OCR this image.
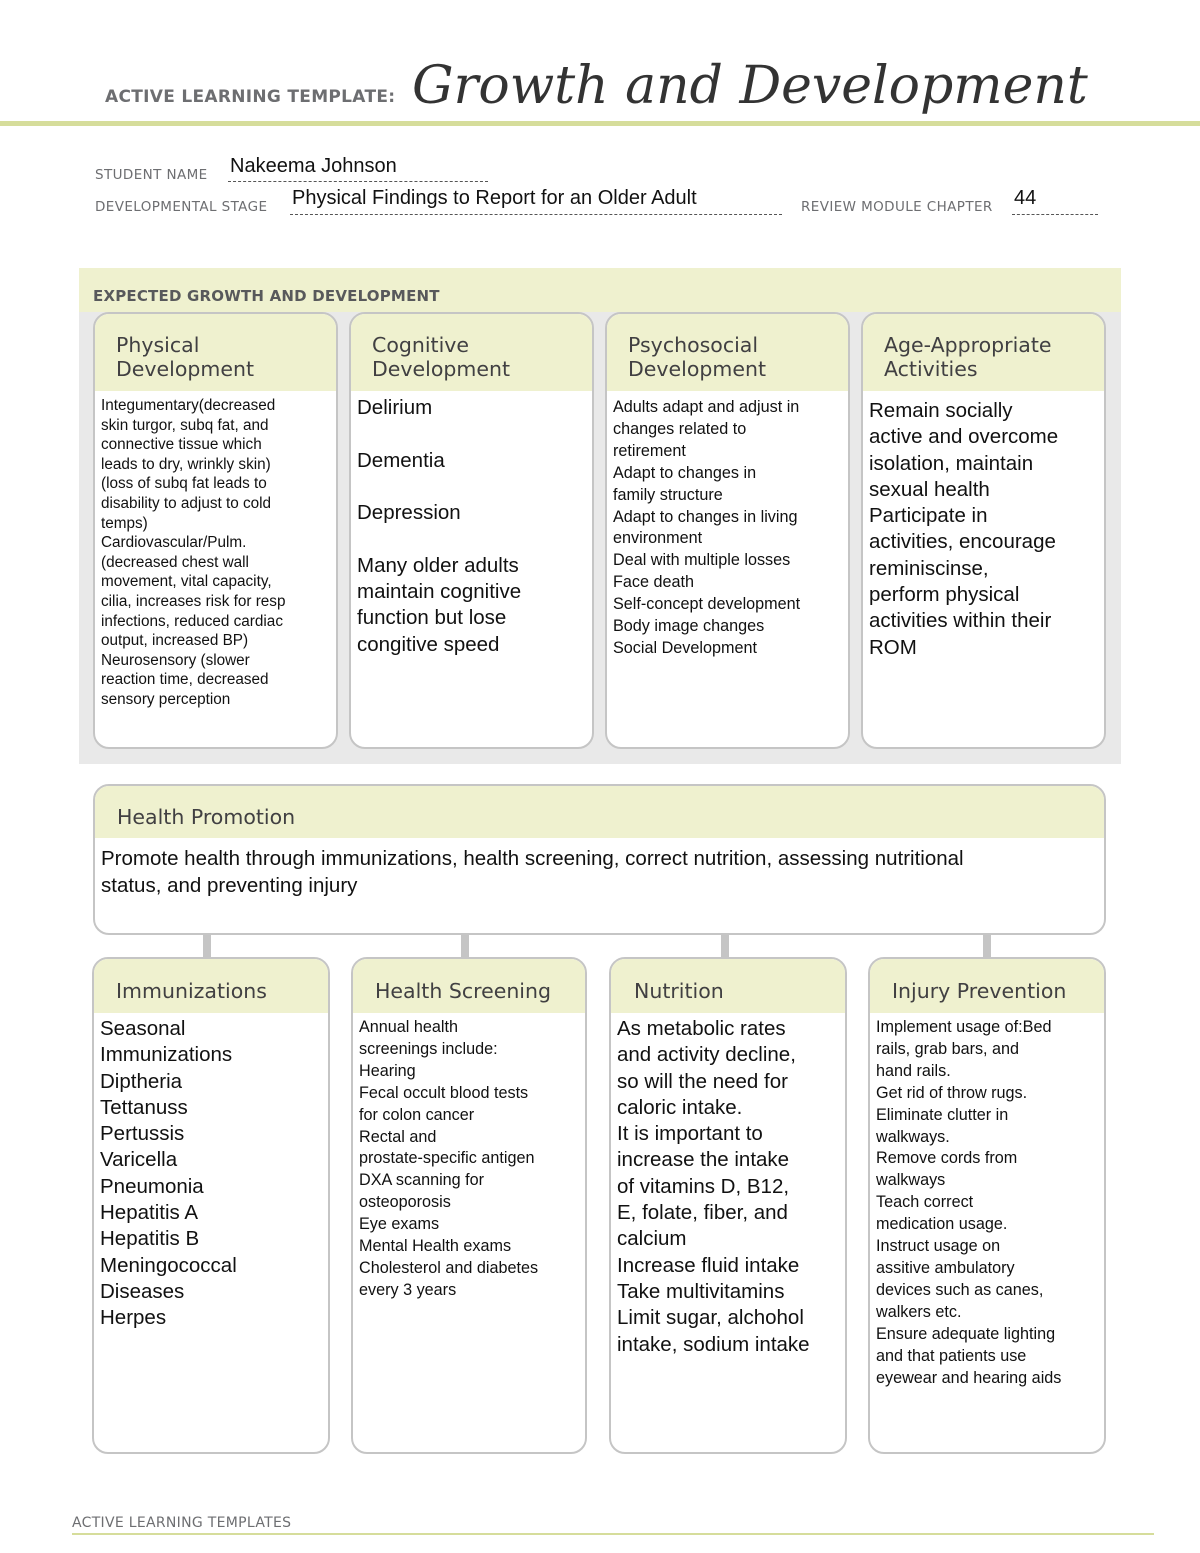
ACTIVE LEARNING TEMPLATE: Growth and Development
STUDENT NAME Nakeema Johnson
DEVELOPMENTAL STAGE Physical Findings to Report for an Older Adult	REVIEW MODULE CHAPTER 44
EXPECTED GROWTH AND DEVELOPMENT
Physical
Development
Integumentary(decreased
skin turgor, subq fat, and
connective tissue which
leads to dry, wrinkly skin)
(loss of subq fat leads to
disability to adjust to cold
temps)
Cardiovascular/Pulm.
(decreased chest wall
movement, vital capacity,
cilia, increases risk for resp
infections, reduced cardiac
output, increased BP)
Neurosensory (slower
reaction time, decreased
sensory perception
Cognitive
Development
Delirium

Dementia

Depression

Many older adults
maintain cognitive
function but lose
congitive speed
Psychosocial
Development
Adults adapt and adjust in
changes related to
retirement
Adapt to changes in
family structure
Adapt to changes in living
environment
Deal with multiple losses
Face death
Self-concept development
Body image changes
Social Development
Age-Appropriate
Activities
Remain socially
active and overcome
isolation, maintain
sexual health
Participate in
activities, encourage
reminiscinse,
perform physical
activities within their
ROM
Health Promotion
Promote health through immunizations, health screening, correct nutrition, assessing nutritional
status, and preventing injury
Immunizations
Seasonal
Immunizations
Diptheria
Tettanuss
Pertussis
Varicella
Pneumonia
Hepatitis A
Hepatitis B
Meningococcal
Diseases
Herpes
Health Screening
Annual health
screenings include:
Hearing
Fecal occult blood tests
for colon cancer
Rectal and
prostate-specific antigen
DXA scanning for
osteoporosis
Eye exams
Mental Health exams
Cholesterol and diabetes
every 3 years
Nutrition
As metabolic rates
and activity decline,
so will the need for
caloric intake.
It is important to
increase the intake
of vitamins D, B12,
E, folate, fiber, and
calcium
Increase fluid intake
Take multivitamins
Limit sugar, alchohol
intake, sodium intake
Injury Prevention
Implement usage of:Bed
rails, grab bars, and
hand rails.
Get rid of throw rugs.
Eliminate clutter in
walkways.
Remove cords from
walkways
Teach correct
medication usage.
Instruct usage on
assitive ambulatory
devices such as canes,
walkers etc.
Ensure adequate lighting
and that patients use
eyewear and hearing aids
ACTIVE LEARNING TEMPLATES
